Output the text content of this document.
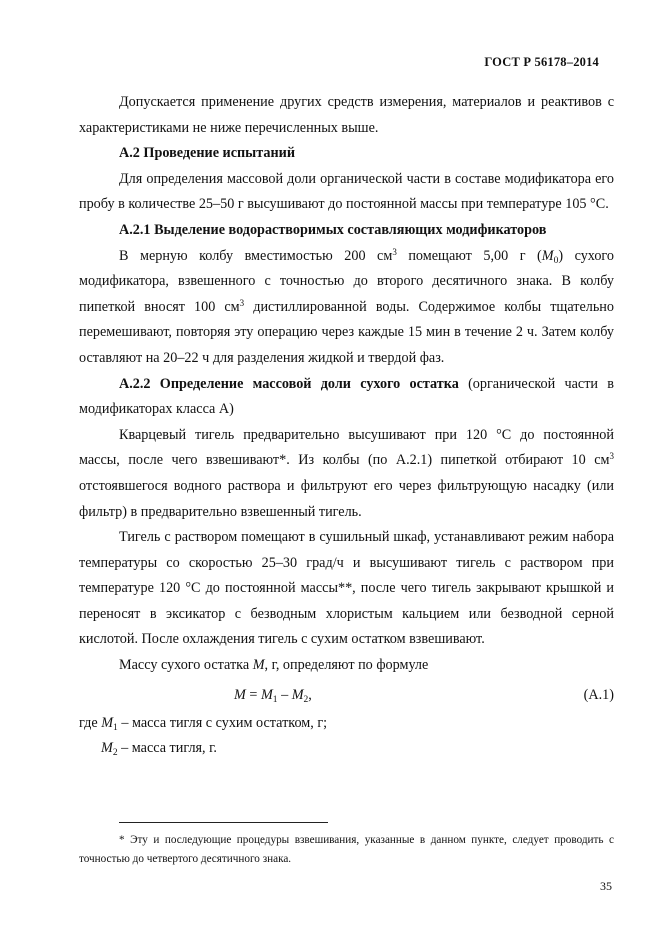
ГОСТ Р 56178–2014

Допускается применение других средств измерения, материалов и реактивов с характеристиками не ниже перечисленных выше.

А.2 Проведение испытаний

Для определения массовой доли органической части в составе модификатора его пробу в количестве 25–50 г высушивают до постоянной массы при температуре 105 °С.

А.2.1 Выделение водорастворимых составляющих модификаторов

В мерную колбу вместимостью 200 $см^3$ помещают 5,00 г $(М_0)$ сухого модификатора, взвешенного с точностью до второго десятичного знака. В колбу пипеткой вносят 100 $см^3$ дистиллированной воды. Содержимое колбы тщательно перемешивают, повторяя эту операцию через каждые 15 мин в течение 2 ч. Затем колбу оставляют на 20–22 ч для разделения жидкой и твердой фаз.

А.2.2 Определение массовой доли сухого остатка (органической части в модификаторах класса А)

Кварцевый тигель предварительно высушивают при 120 °С до постоянной массы, после чего взвешивают*. Из колбы (по А.2.1) пипеткой отбирают 10 $см^3$ отстоявшегося водного раствора и фильтруют его через фильтрующую насадку (или фильтр) в предварительно взвешенный тигель.

Тигель с раствором помещают в сушильный шкаф, устанавливают режим набора температуры со скоростью 25–30 град/ч и высушивают тигель с раствором при температуре 120 °С до постоянной массы**, после чего тигель закрывают крышкой и переносят в эксикатор с безводным хлористым кальцием или безводной серной кислотой. После охлаждения тигель с сухим остатком взвешивают.

Массу сухого остатка М, г, определяют по формуле

$М = М_1 - М_2$,	(А.1)

где $М_1$ – масса тигля с сухим остатком, г;

$М_2$ – масса тигля, г.

* Эту и последующие процедуры взвешивания, указанные в данном пункте, следует проводить с точностью до четвертого десятичного знака.
35
